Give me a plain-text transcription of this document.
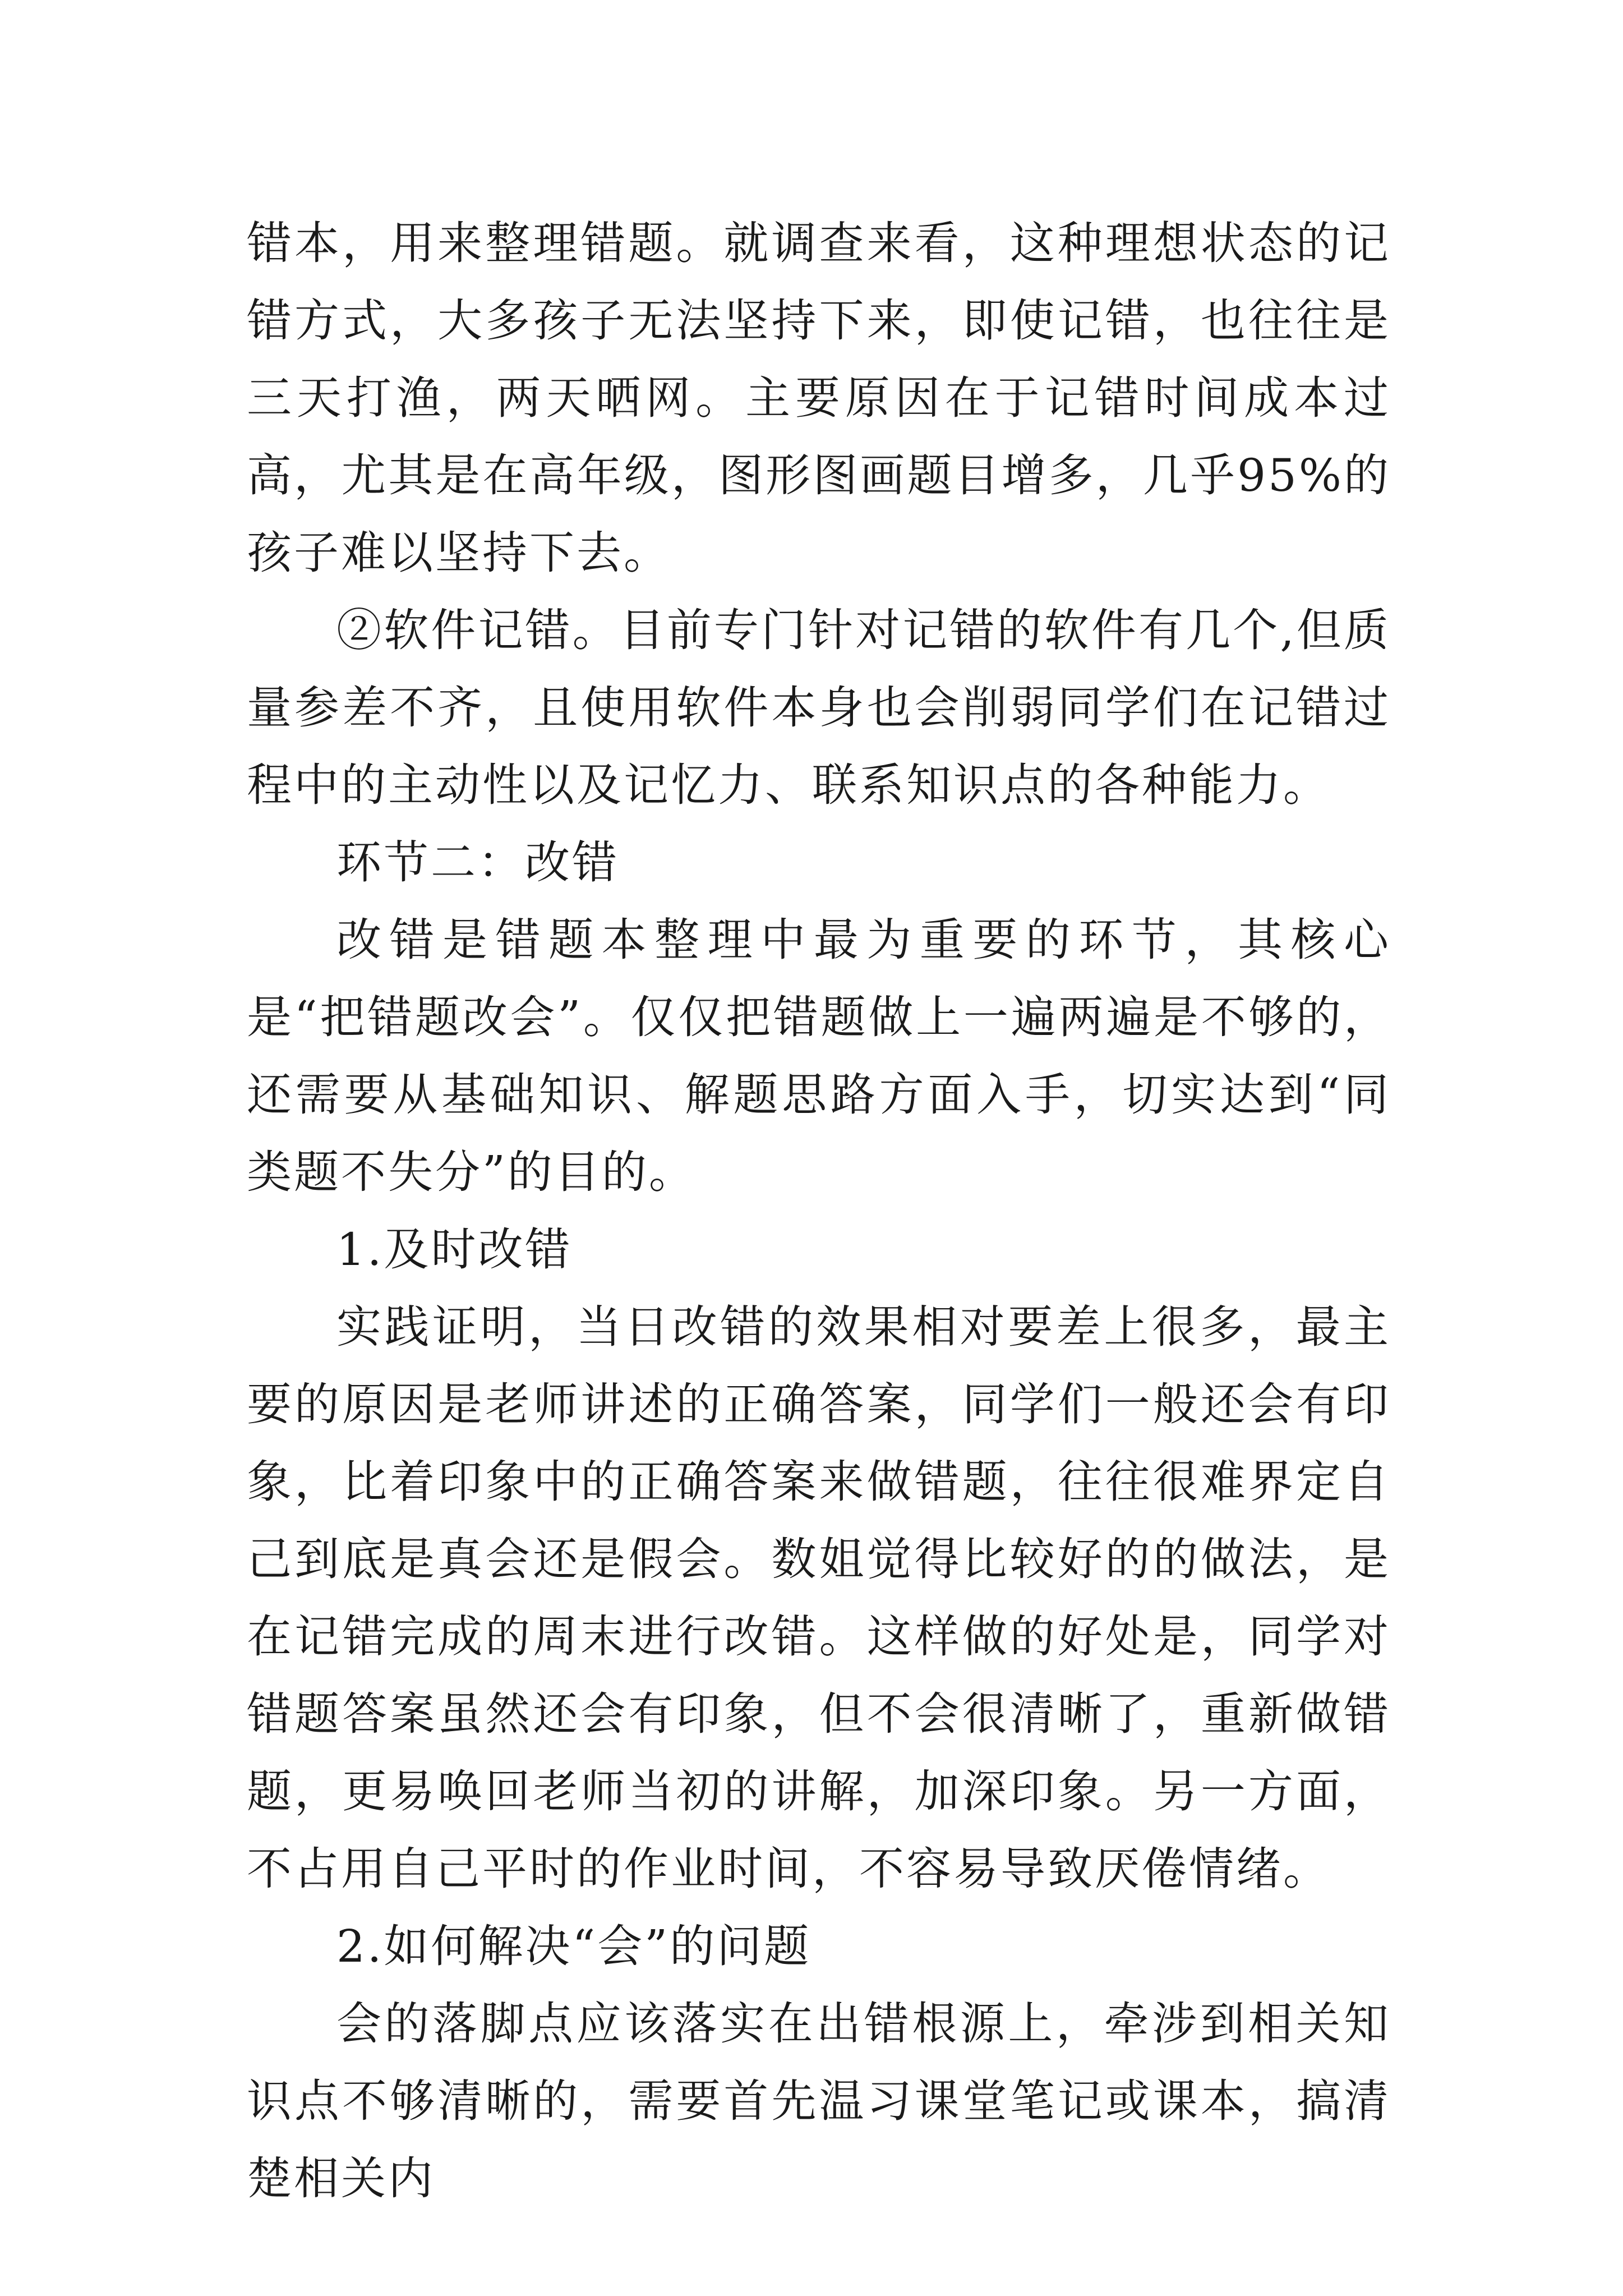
错本，用来整理错题。就调查来看，这种理想状态的记错方式，大多孩子无法坚持下来，即使记错，也往往是三天打渔，两天晒网。主要原因在于记错时间成本过高，尤其是在高年级，图形图画题目增多，几乎95%的孩子难以坚持下去。

②软件记错。目前专门针对记错的软件有几个,但质量参差不齐，且使用软件本身也会削弱同学们在记错过程中的主动性以及记忆力、联系知识点的各种能力。

环节二：改错

改错是错题本整理中最为重要的环节，其核心是“把错题改会”。仅仅把错题做上一遍两遍是不够的，还需要从基础知识、解题思路方面入手，切实达到“同类题不失分”的目的。

1.及时改错

实践证明，当日改错的效果相对要差上很多，最主要的原因是老师讲述的正确答案，同学们一般还会有印象，比着印象中的正确答案来做错题，往往很难界定自己到底是真会还是假会。数姐觉得比较好的的做法，是在记错完成的周末进行改错。这样做的好处是，同学对错题答案虽然还会有印象，但不会很清晰了，重新做错题，更易唤回老师当初的讲解，加深印象。另一方面，不占用自己平时的作业时间，不容易导致厌倦情绪。

2.如何解决“会”的问题

会的落脚点应该落实在出错根源上，牵涉到相关知识点不够清晰的，需要首先温习课堂笔记或课本，搞清楚相关内
